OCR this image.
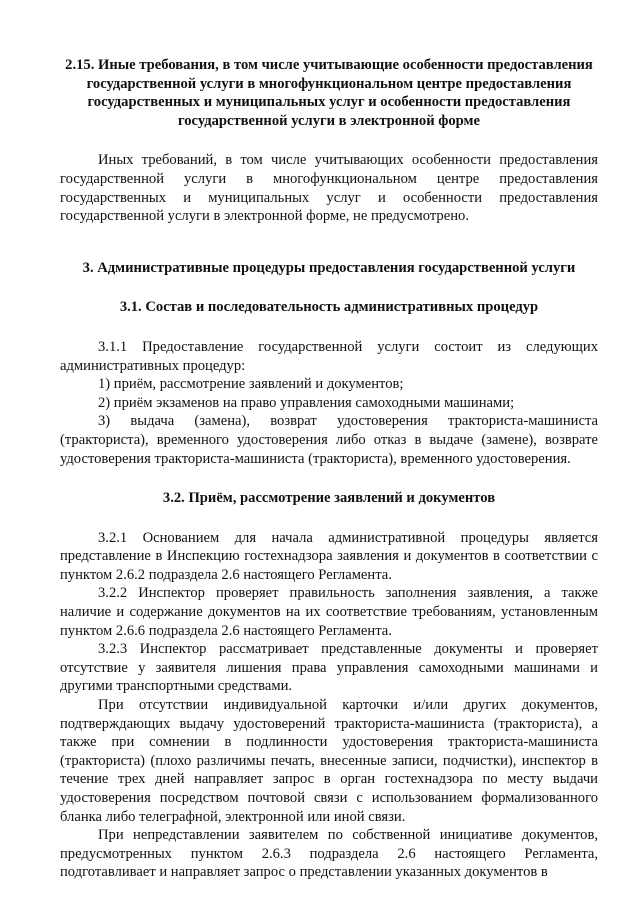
2.15. Иные требования, в том числе учитывающие особенности предоставления государственной услуги в многофункциональном центре предоставления государственных и муниципальных услуг и особенности предоставления государственной услуги в электронной форме

Иных требований, в том числе учитывающих особенности предоставления государственной услуги в многофункциональном центре предоставления государственных и муниципальных услуг и особенности предоставления государственной услуги в электронной форме, не предусмотрено.

3. Административные процедуры предоставления государственной услуги

3.1. Состав и последовательность административных процедур

3.1.1 Предоставление государственной услуги состоит из следующих административных процедур:

1) приём, рассмотрение заявлений и документов;
2) приём экзаменов на право управления самоходными машинами;
3) выдача (замена), возврат удостоверения тракториста-машиниста (тракториста), временного удостоверения либо отказ в выдаче (замене), возврате удостоверения тракториста-машиниста (тракториста), временного удостоверения.

3.2. Приём, рассмотрение заявлений и документов

3.2.1 Основанием для начала административной процедуры является представление в Инспекцию гостехнадзора заявления и документов в соответствии с пунктом 2.6.2 подраздела 2.6 настоящего Регламента.

3.2.2 Инспектор проверяет правильность заполнения заявления, а также наличие и содержание документов на их соответствие требованиям, установленным пунктом 2.6.6 подраздела 2.6 настоящего Регламента.

3.2.3 Инспектор рассматривает представленные документы и проверяет отсутствие у заявителя лишения права управления самоходными машинами и другими транспортными средствами.

При отсутствии индивидуальной карточки и/или других документов, подтверждающих выдачу удостоверений тракториста-машиниста (тракториста), а также при сомнении в подлинности удостоверения тракториста-машиниста (тракториста) (плохо различимы печать, внесенные записи, подчистки), инспектор в течение трех дней направляет запрос в орган гостехнадзора по месту выдачи удостоверения посредством почтовой связи с использованием формализованного бланка либо телеграфной, электронной или иной связи.

При непредставлении заявителем по собственной инициативе документов, предусмотренных пунктом 2.6.3 подраздела 2.6 настоящего Регламента, подготавливает и направляет запрос о представлении указанных документов в
